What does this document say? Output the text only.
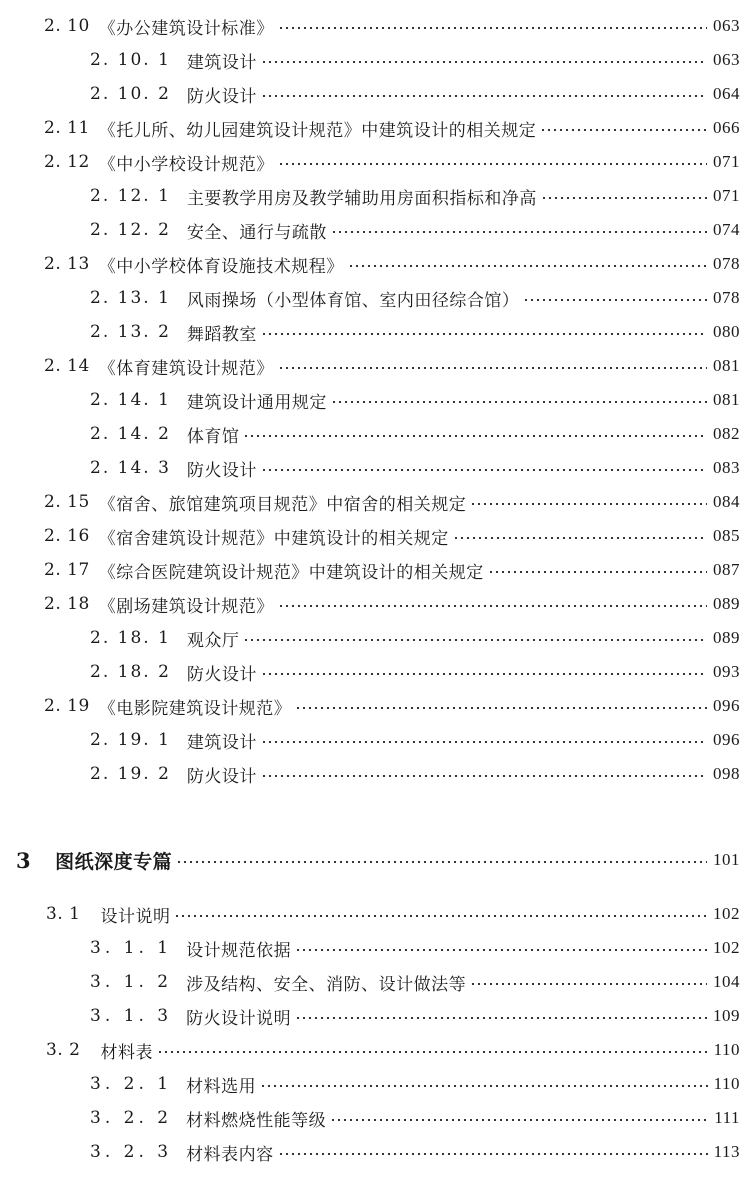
2. 10 《办公建筑设计标准》	063
2. 10. 1 建筑设计	063
2. 10. 2 防火设计	064
2. 11 《托儿所、幼儿园建筑设计规范》中建筑设计的相关规定	066
2. 12 《中小学校设计规范》	071
2. 12. 1 主要教学用房及教学辅助用房面积指标和净高	071
2. 12. 2 安全、通行与疏散	074
2. 13 《中小学校体育设施技术规程》	078
2. 13. 1 风雨操场（小型体育馆、室内田径综合馆）	078
2. 13. 2 舞蹈教室	080
2. 14 《体育建筑设计规范》	081
2. 14. 1 建筑设计通用规定	081
2. 14. 2 体育馆	082
2. 14. 3 防火设计	083
2. 15 《宿舍、旅馆建筑项目规范》中宿舍的相关规定	084
2. 16 《宿舍建筑设计规范》中建筑设计的相关规定	085
2. 17 《综合医院建筑设计规范》中建筑设计的相关规定	087
2. 18 《剧场建筑设计规范》	089
2. 18. 1 观众厅	089
2. 18. 2 防火设计	093
2. 19 《电影院建筑设计规范》	096
2. 19. 1 建筑设计	096
2. 19. 2 防火设计	098
3 图纸深度专篇	101
3. 1 设计说明	102
3. 1. 1 设计规范依据	102
3. 1. 2 涉及结构、安全、消防、设计做法等	104
3. 1. 3 防火设计说明	109
3. 2 材料表	110
3. 2. 1 材料选用	110
3. 2. 2 材料燃烧性能等级	111
3. 2. 3 材料表内容	113
